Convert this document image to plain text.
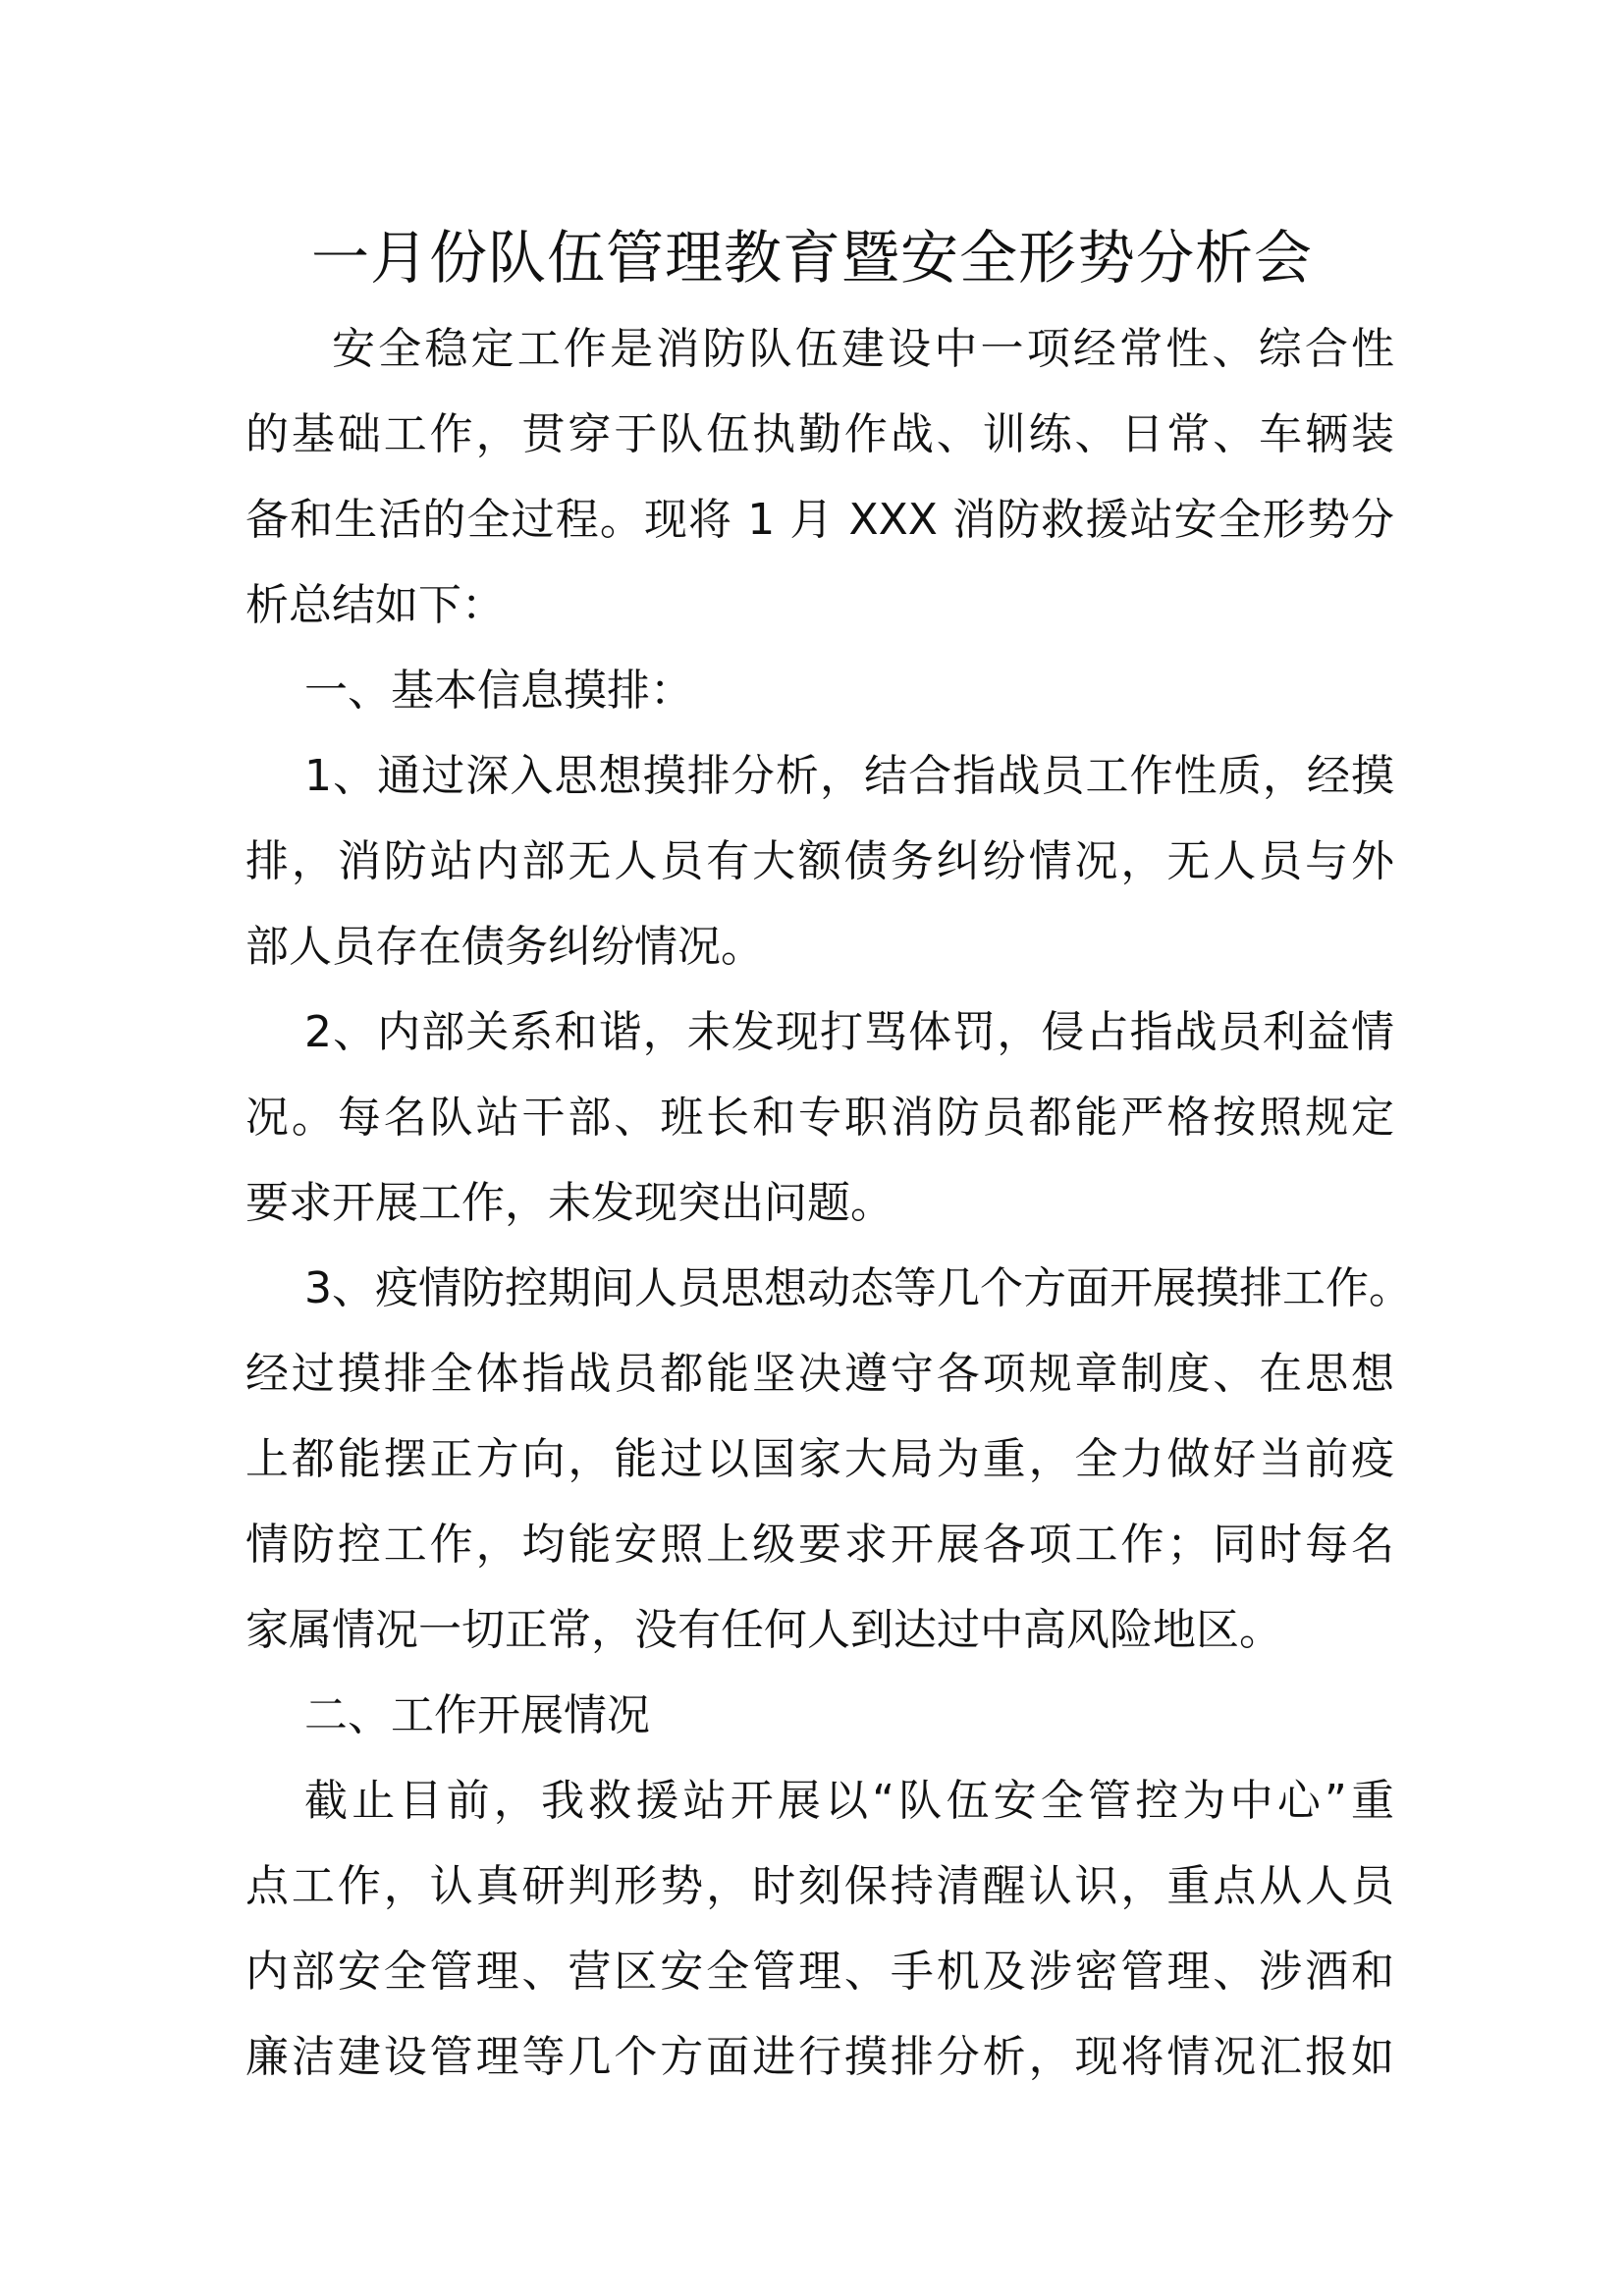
一月份队伍管理教育暨安全形势分析会
安全稳定工作是消防队伍建设中一项经常性、综合性
的基础工作，贯穿于队伍执勤作战、训练、日常、车辆装
备和生活的全过程。现将 1 月 XXX 消防救援站安全形势分
析总结如下：
一、基本信息摸排：
1、通过深入思想摸排分析，结合指战员工作性质，经摸
排，消防站内部无人员有大额债务纠纷情况，无人员与外
部人员存在债务纠纷情况。
2、内部关系和谐，未发现打骂体罚，侵占指战员利益情
况。每名队站干部、班长和专职消防员都能严格按照规定
要求开展工作，未发现突出问题。
3、疫情防控期间人员思想动态等几个方面开展摸排工作。
经过摸排全体指战员都能坚决遵守各项规章制度、在思想
上都能摆正方向，能过以国家大局为重，全力做好当前疫
情防控工作，均能安照上级要求开展各项工作；同时每名
家属情况一切正常，没有任何人到达过中高风险地区。
二、工作开展情况
截止目前，我救援站开展以“队伍安全管控为中心”重
点工作，认真研判形势，时刻保持清醒认识，重点从人员
内部安全管理、营区安全管理、手机及涉密管理、涉酒和
廉洁建设管理等几个方面进行摸排分析，现将情况汇报如
